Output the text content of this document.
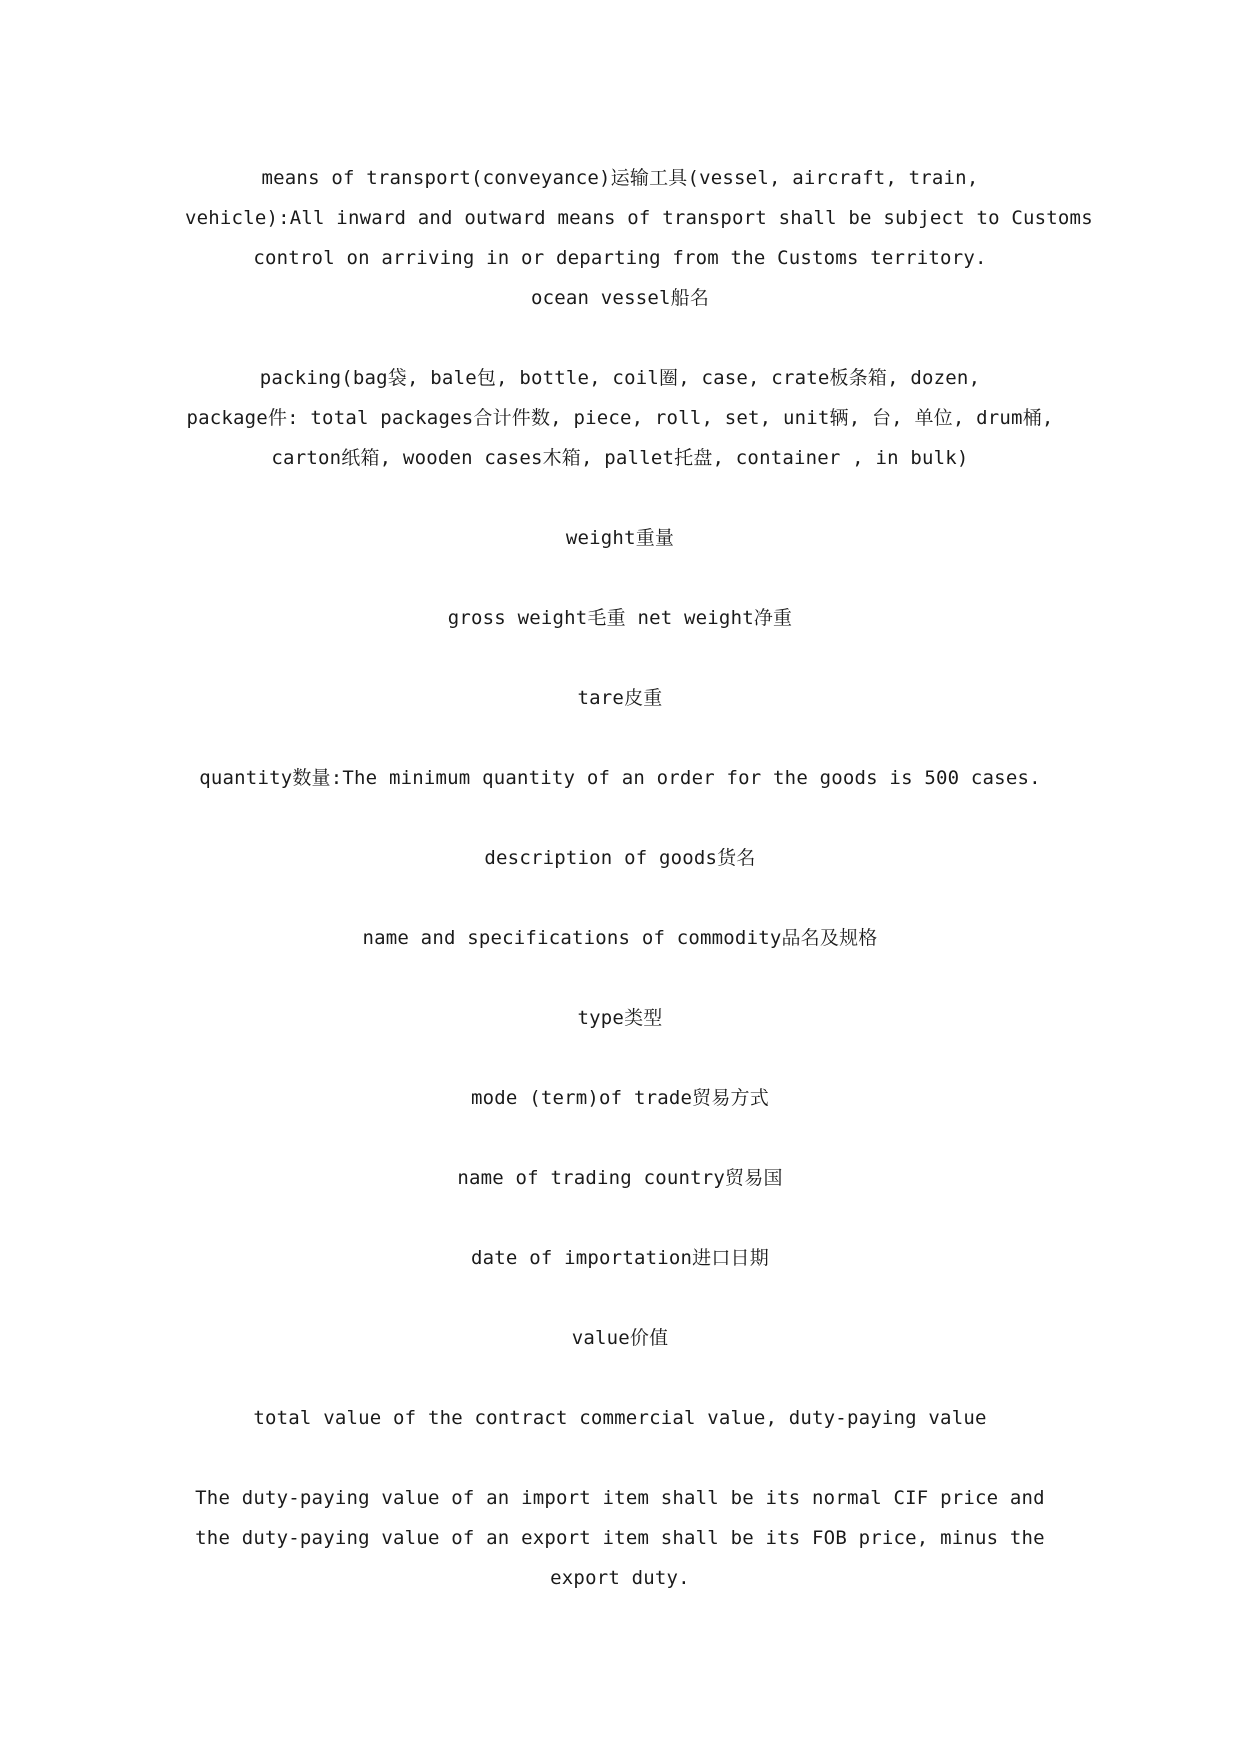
means of transport(conveyance)运输工具(vessel, aircraft, train,
vehicle):All inward and outward means of transport shall be subject to Customs
control on arriving in or departing from the Customs territory.
ocean vessel船名
packing(bag袋, bale包, bottle, coil圈, case, crate板条箱, dozen,
package件: total packages合计件数, piece, roll, set, unit辆, 台, 单位, drum桶,
carton纸箱, wooden cases木箱, pallet托盘, container , in bulk)
weight重量
gross weight毛重 net weight净重
tare皮重
quantity数量:The minimum quantity of an order for the goods is 500 cases.
description of goods货名
name and specifications of commodity品名及规格
type类型
mode (term)of trade贸易方式
name of trading country贸易国
date of importation进口日期
value价值
total value of the contract commercial value, duty-paying value
The duty-paying value of an import item shall be its normal CIF price and
the duty-paying value of an export item shall be its FOB price, minus the
export duty.
